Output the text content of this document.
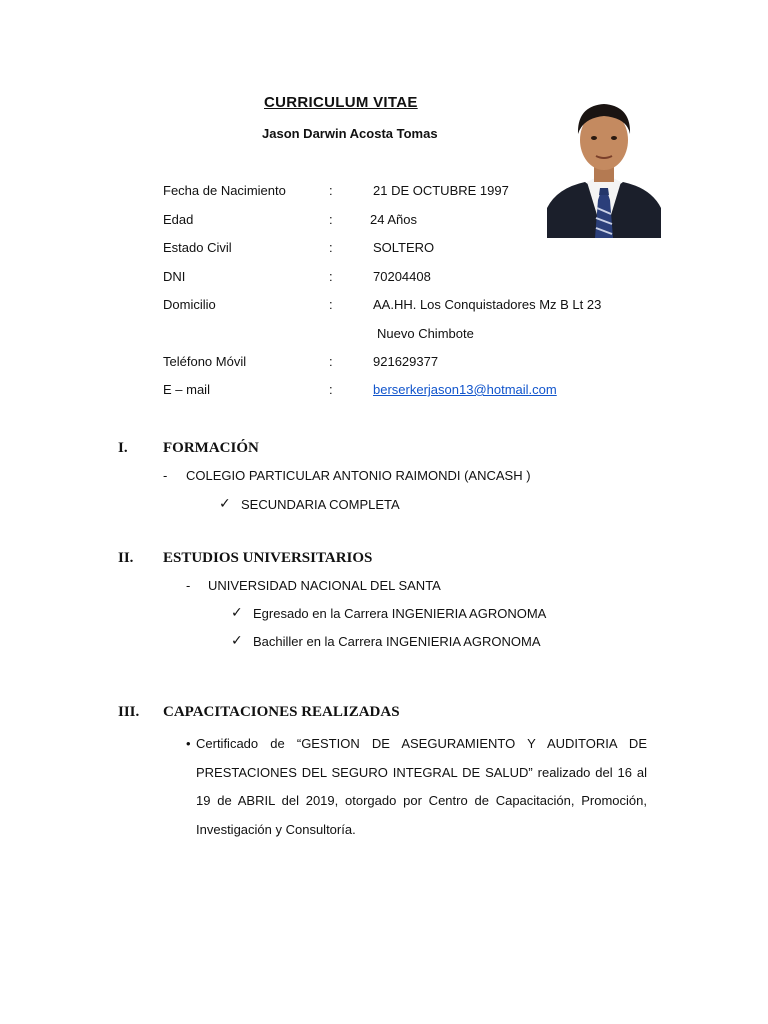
CURRICULUM VITAE
Jason Darwin Acosta Tomas
Fecha de Nacimiento	:	21 DE OCTUBRE 1997
Edad	:	24 Años
Estado Civil	:	SOLTERO
DNI	:	70204408
Domicilio	:	AA.HH. Los Conquistadores Mz B Lt 23
Nuevo Chimbote
Teléfono Móvil	:	921629377
E – mail	:	berserkerjason13@hotmail.com
I. FORMACIÓN
- COLEGIO PARTICULAR ANTONIO RAIMONDI (ANCASH )
✓ SECUNDARIA COMPLETA
II. ESTUDIOS UNIVERSITARIOS
- UNIVERSIDAD NACIONAL DEL SANTA
✓ Egresado en la Carrera INGENIERIA AGRONOMA
✓ Bachiller en la Carrera INGENIERIA AGRONOMA
III. CAPACITACIONES REALIZADAS
• Certificado de “GESTION DE ASEGURAMIENTO Y AUDITORIA DE PRESTACIONES DEL SEGURO INTEGRAL DE SALUD” realizado del 16 al 19 de ABRIL del 2019, otorgado por Centro de Capacitación, Promoción, Investigación y Consultoría.
